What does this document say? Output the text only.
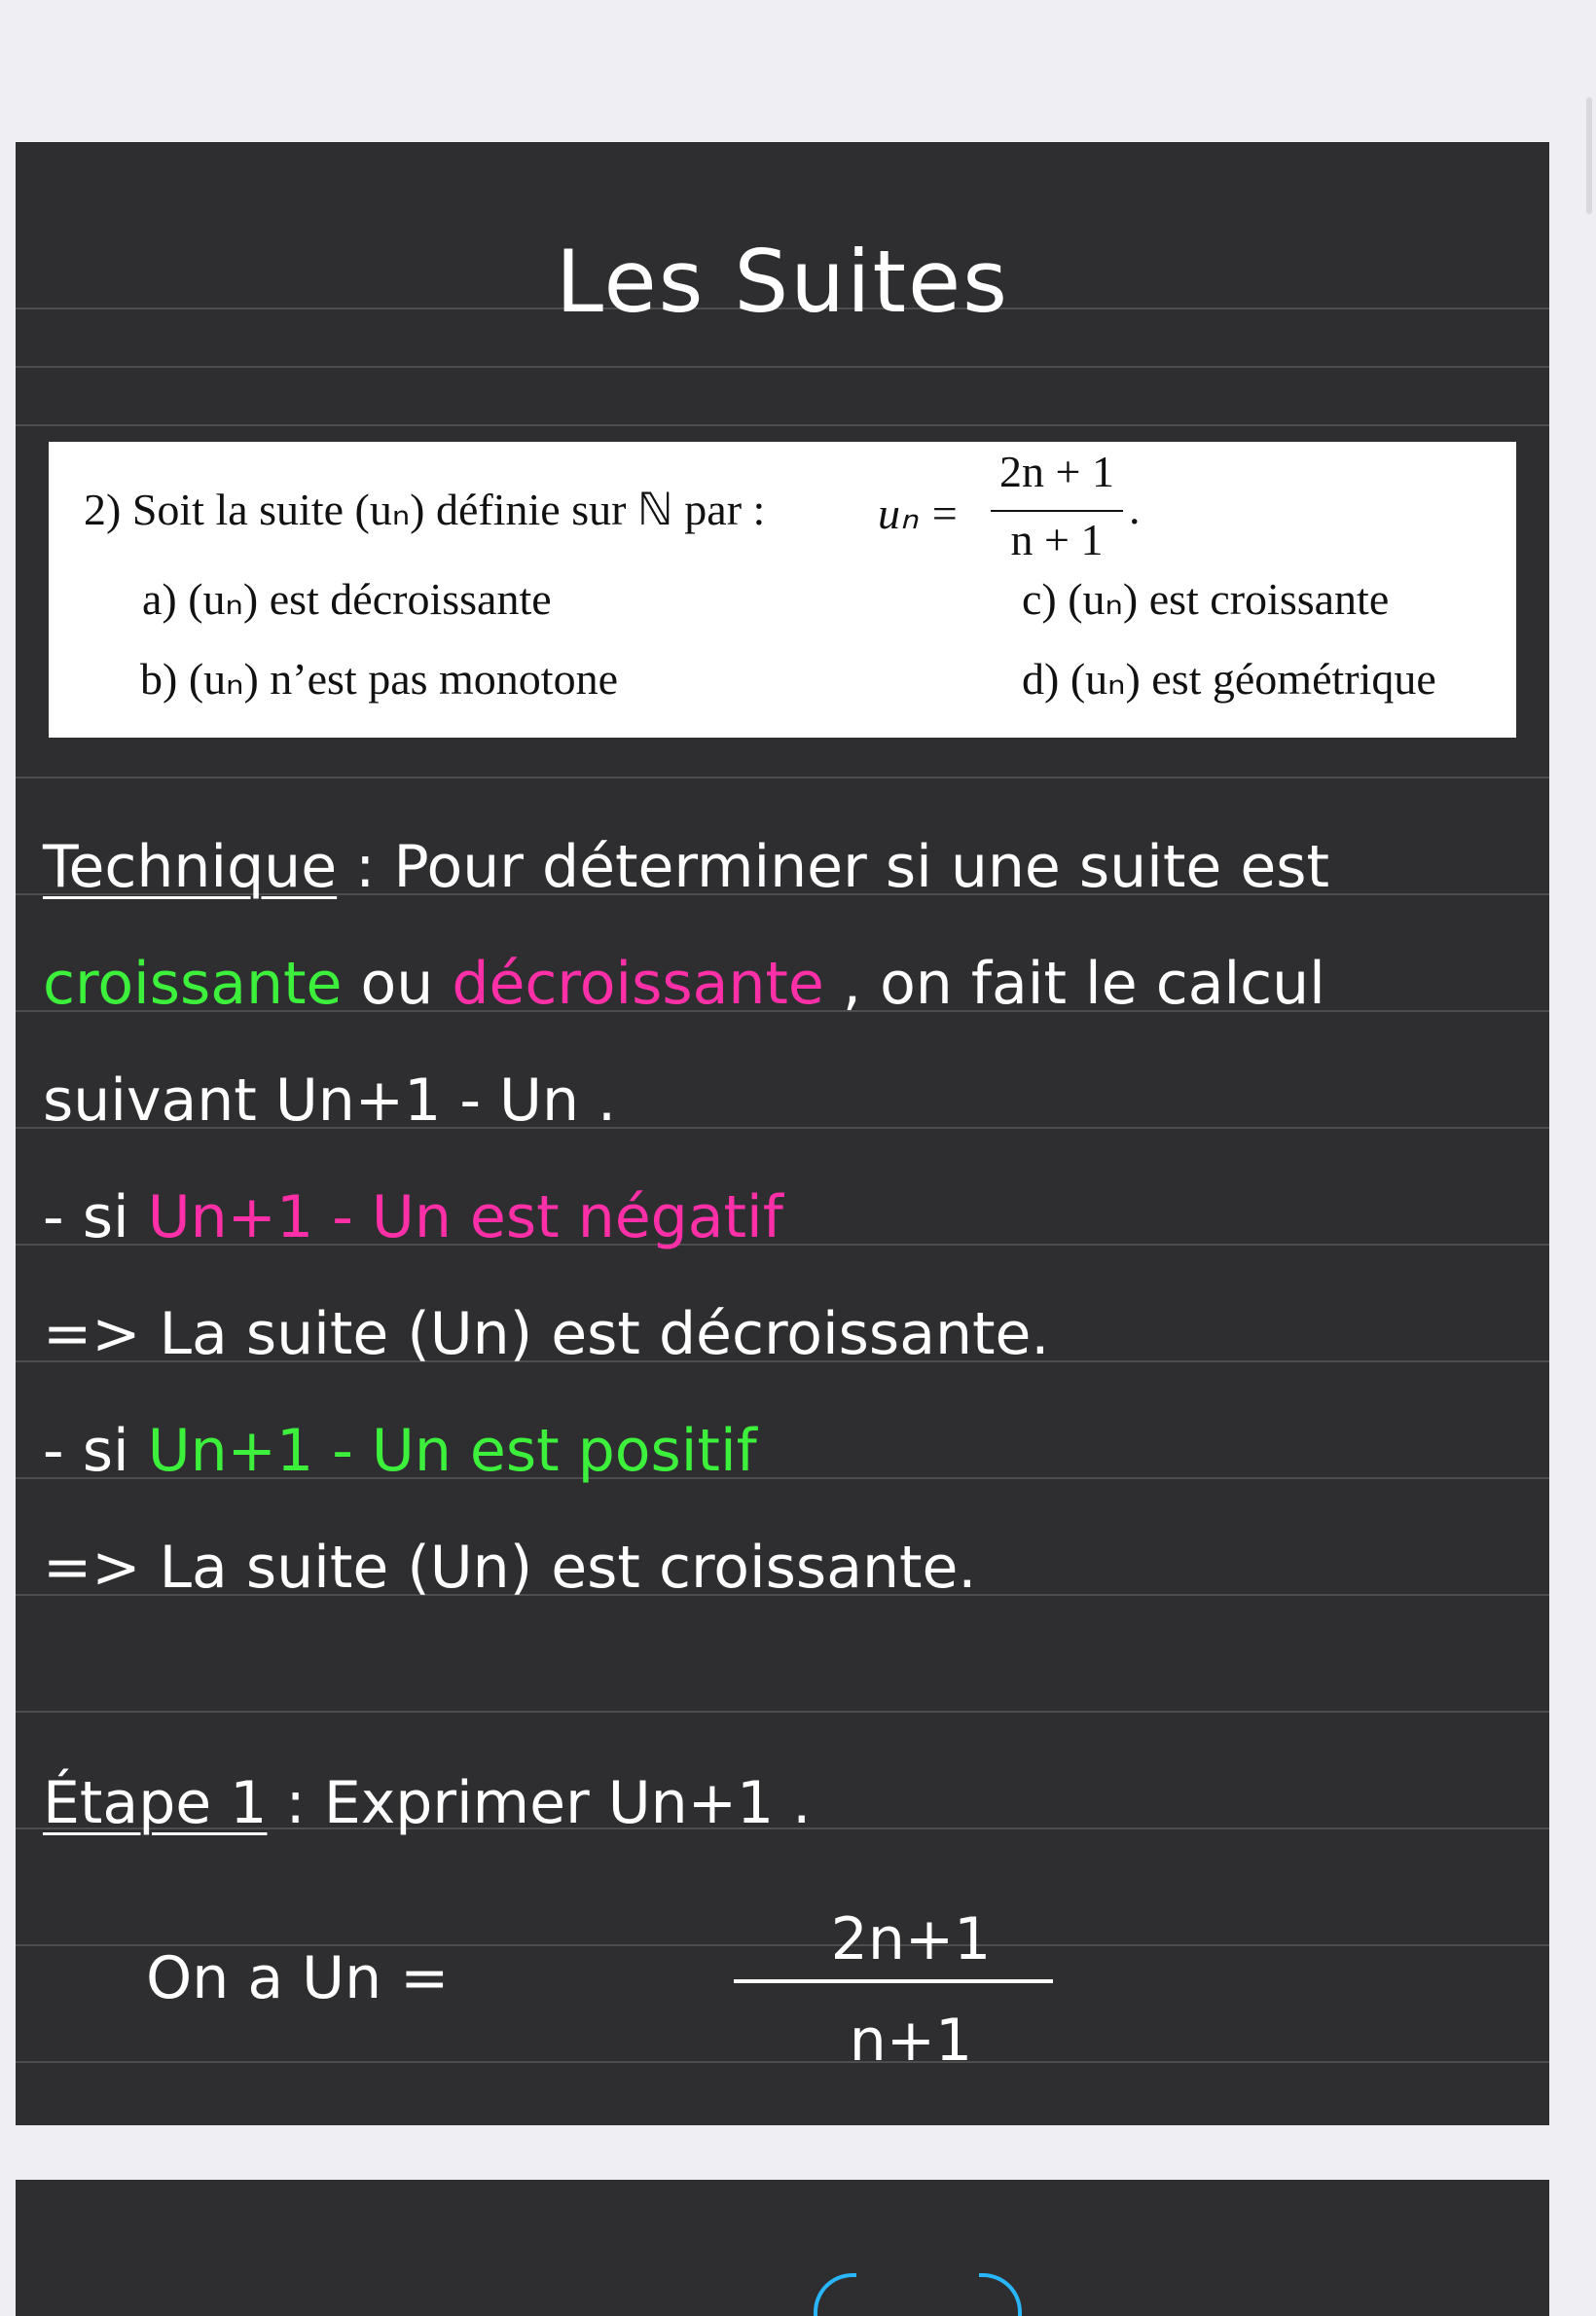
Les Suites
2) Soit la suite (uₙ) définie sur ℕ par :	uₙ =
2n + 1
n + 1
.
a) (uₙ) est décroissante
b) (uₙ) n’est pas monotone
c) (uₙ) est croissante
d) (uₙ) est géométrique
Technique : Pour déterminer si une suite est
croissante ou décroissante , on fait le calcul
suivant Un+1 - Un .
- si Un+1 - Un est négatif
=> La suite (Un) est décroissante.
- si Un+1 - Un est positif
=> La suite (Un) est croissante.
Étape 1 : Exprimer Un+1 .
On a Un =
2n+1
n+1
